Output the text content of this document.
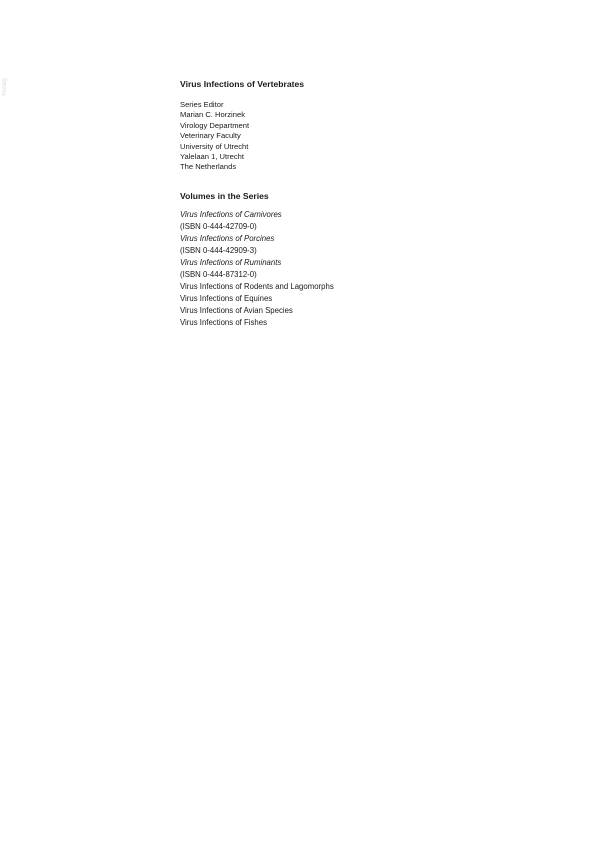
Verlag	Virus Infections of Vertebrates
Series Editor
Marian C. Horzinek
Virology Department
Veterinary Faculty
University of Utrecht
Yalelaan 1, Utrecht
The Netherlands
Volumes in the Series
Virus Infections of Carnivores
(ISBN 0-444-42709-0)
Virus Infections of Porcines
(ISBN 0-444-42909-3)
Virus Infections of Ruminants
(ISBN 0-444-87312-0)
Virus Infections of Rodents and Lagomorphs
Virus Infections of Equines
Virus Infections of Avian Species
Virus Infections of Fishes
